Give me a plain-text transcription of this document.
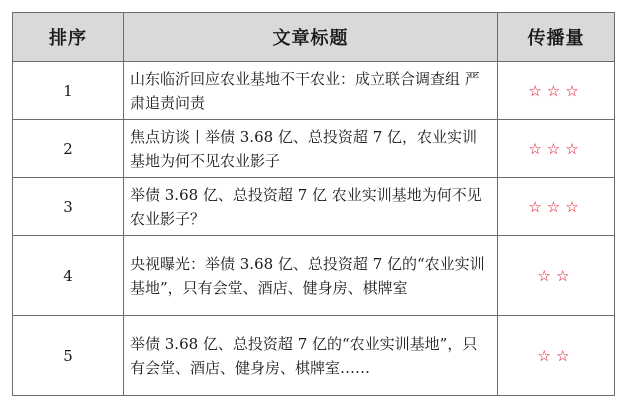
排序	文章标题	传播量
1	山东临沂回应农业基地不干农业：成立联合调查组 严肃追责问责	☆☆☆
2	焦点访谈丨举债 3.68 亿、总投资超 7 亿，农业实训基地为何不见农业影子	☆☆☆
3	举债 3.68 亿、总投资超 7 亿 农业实训基地为何不见农业影子？	☆☆☆
4	央视曝光：举债 3.68 亿、总投资超 7 亿的“农业实训基地”，只有会堂、酒店、健身房、棋牌室	☆☆
5	举债 3.68 亿、总投资超 7 亿的“农业实训基地”，只有会堂、酒店、健身房、棋牌室……	☆☆
